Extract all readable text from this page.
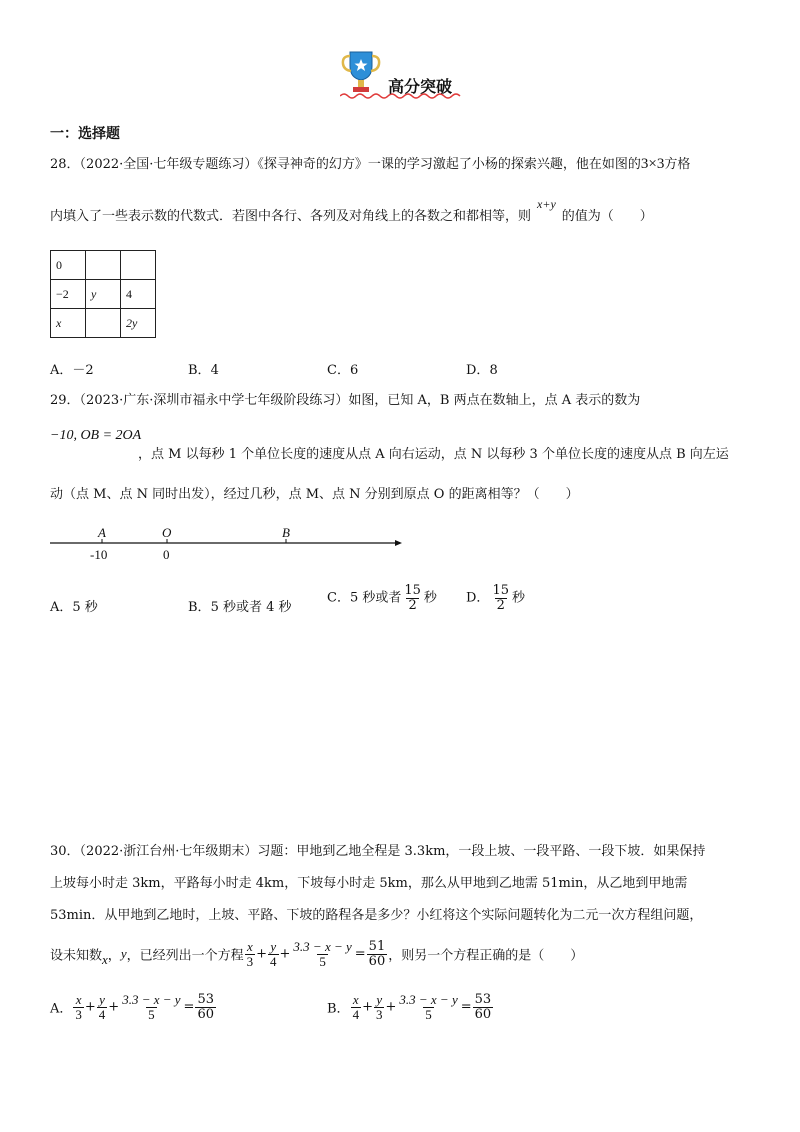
高分突破
一：选择题
28．（2022·全国·七年级专题练习）《探寻神奇的幻方》一课的学习激起了小杨的探索兴趣，他在如图的3×3方格
内填入了一些表示数的代数式．若图中各行、各列及对角线上的各数之和都相等，则x+y的值为（　　）
0		
−2	y	4
x		2y
A．－2	B．4	C．6	D．8
29．（2023·广东·深圳市福永中学七年级阶段练习）如图，已知 A，B 两点在数轴上，点 A 表示的数为
−10, OB = 2OA
，点 M 以每秒 1 个单位长度的速度从点 A 向右运动，点 N 以每秒 3 个单位长度的速度从点 B 向左运
动（点 M、点 N 同时出发），经过几秒，点 M、点 N 分别到原点 O 的距离相等？（　　）
A	O	B
-10	0
A．5 秒	B．5 秒或者 4 秒
C．5 秒或者 $\frac{15}{2}$ 秒 D． $\frac{15}{2}$ 秒
30．（2022·浙江台州·七年级期末）习题：甲地到乙地全程是 3.3km，一段上坡、一段平路、一段下坡．如果保持
上坡每小时走 3km，平路每小时走 4km，下坡每小时走 5km，那么从甲地到乙地需 51min，从乙地到甲地需
53min．从甲地到乙地时，上坡、平路、下坡的路程各是多少？小红将这个实际问题转化为二元一次方程组问题，
设未知数x，y，已经列出一个方程 $\frac{x}{3} + \frac{y}{4} + \frac{3.3 - x - y}{5} = \frac{51}{60}$ ，则另一个方程正确的是（　　）
A． $\frac{x}{3} + \frac{y}{4} + \frac{3.3 - x - y}{5} = \frac{53}{60}$	B． $\frac{x}{4} + \frac{y}{3} + \frac{3.3 - x - y}{5} = \frac{53}{60}$
